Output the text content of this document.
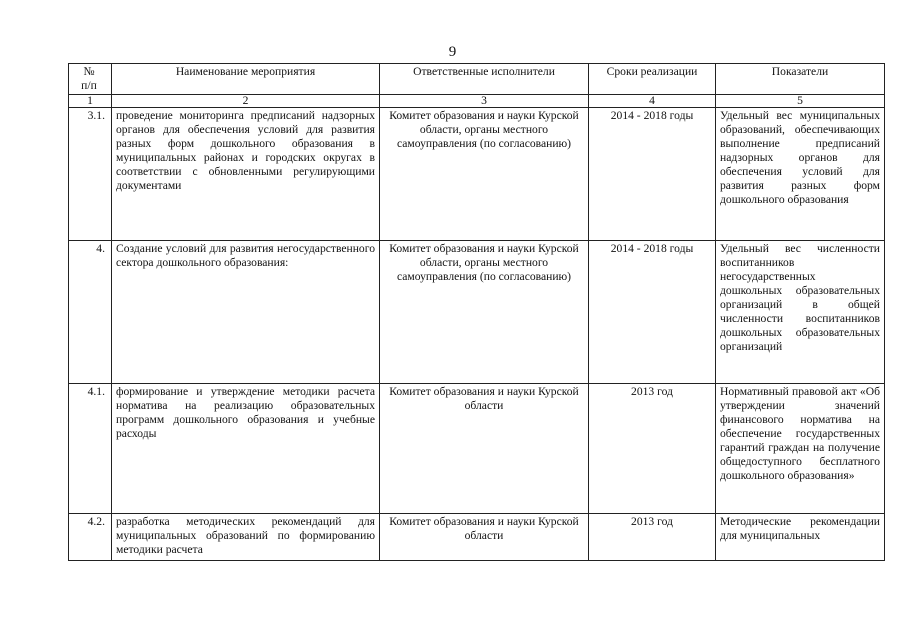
9
№
п/п	Наименование мероприятия	Ответственные исполнители	Сроки реализации	Показатели
1	2	3	4	5
3.1.	проведение мониторинга предписаний надзорных органов для обеспечения условий для развития разных форм дошкольного образования в муниципальных районах и городских округах в соответствии с обновленными регулирующими документами	Комитет образования и науки Курской области, органы местного самоуправления (по согласованию)	2014 - 2018 годы	Удельный вес муниципальных образований, обеспечивающих выполнение предписаний надзорных органов для обеспечения условий для развития разных форм дошкольного образования
4.	Создание условий для развития негосударственного сектора дошкольного образования:	Комитет образования и науки Курской области, органы местного самоуправления (по согласованию)	2014 - 2018 годы	Удельный вес численности воспитанников негосударственных дошкольных образовательных организаций в общей численности воспитанников дошкольных образовательных организаций
4.1.	формирование и утверждение методики расчета норматива на реализацию образовательных программ дошкольного образования и учебные расходы	Комитет образования и науки Курской области	2013 год	Нормативный правовой акт «Об утверждении значений финансового норматива на обеспечение государственных гарантий граждан на получение общедоступного бесплатного дошкольного образования»
4.2.	разработка методических рекомендаций для муниципальных образований по формированию методики расчета	Комитет образования и науки Курской области	2013 год	Методические рекомендации для муниципальных
